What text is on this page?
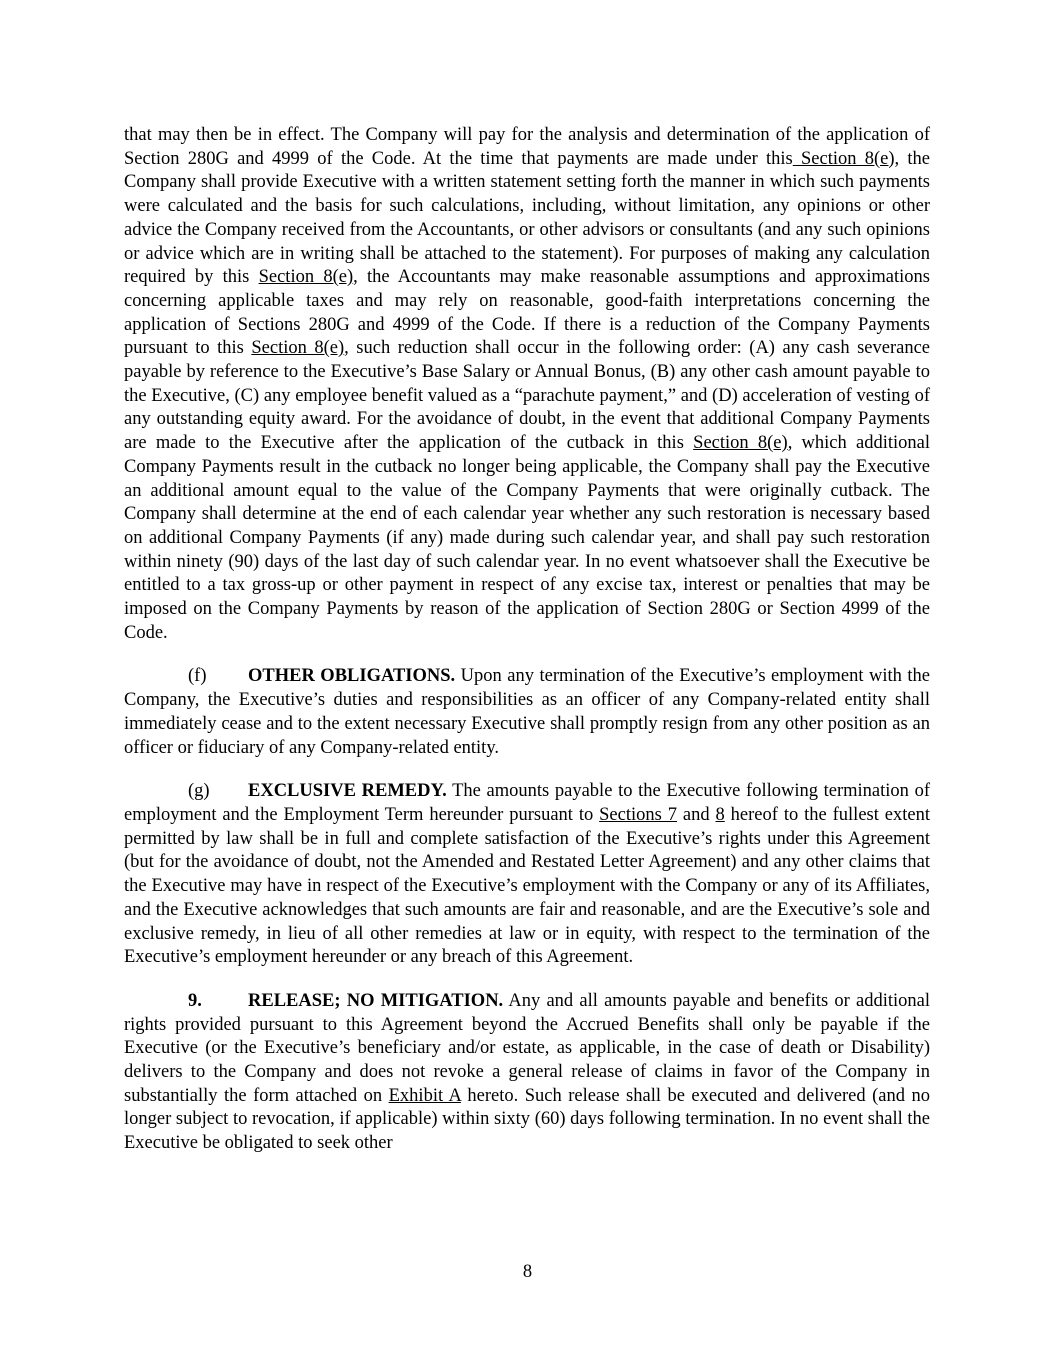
that may then be in effect. The Company will pay for the analysis and determination of the application of Section 280G and 4999 of the Code. At the time that payments are made under this Section 8(e), the Company shall provide Executive with a written statement setting forth the manner in which such payments were calculated and the basis for such calculations, including, without limitation, any opinions or other advice the Company received from the Accountants, or other advisors or consultants (and any such opinions or advice which are in writing shall be attached to the statement). For purposes of making any calculation required by this Section 8(e), the Accountants may make reasonable assumptions and approximations concerning applicable taxes and may rely on reasonable, good-faith interpretations concerning the application of Sections 280G and 4999 of the Code. If there is a reduction of the Company Payments pursuant to this Section 8(e), such reduction shall occur in the following order: (A) any cash severance payable by reference to the Executive’s Base Salary or Annual Bonus, (B) any other cash amount payable to the Executive, (C) any employee benefit valued as a “parachute payment,” and (D) acceleration of vesting of any outstanding equity award. For the avoidance of doubt, in the event that additional Company Payments are made to the Executive after the application of the cutback in this Section 8(e), which additional Company Payments result in the cutback no longer being applicable, the Company shall pay the Executive an additional amount equal to the value of the Company Payments that were originally cutback. The Company shall determine at the end of each calendar year whether any such restoration is necessary based on additional Company Payments (if any) made during such calendar year, and shall pay such restoration within ninety (90) days of the last day of such calendar year. In no event whatsoever shall the Executive be entitled to a tax gross-up or other payment in respect of any excise tax, interest or penalties that may be imposed on the Company Payments by reason of the application of Section 280G or Section 4999 of the Code.

(f) OTHER OBLIGATIONS. Upon any termination of the Executive’s employment with the Company, the Executive’s duties and responsibilities as an officer of any Company-related entity shall immediately cease and to the extent necessary Executive shall promptly resign from any other position as an officer or fiduciary of any Company-related entity.

(g) EXCLUSIVE REMEDY. The amounts payable to the Executive following termination of employment and the Employment Term hereunder pursuant to Sections 7 and 8 hereof to the fullest extent permitted by law shall be in full and complete satisfaction of the Executive’s rights under this Agreement (but for the avoidance of doubt, not the Amended and Restated Letter Agreement) and any other claims that the Executive may have in respect of the Executive’s employment with the Company or any of its Affiliates, and the Executive acknowledges that such amounts are fair and reasonable, and are the Executive’s sole and exclusive remedy, in lieu of all other remedies at law or in equity, with respect to the termination of the Executive’s employment hereunder or any breach of this Agreement.

9. RELEASE; NO MITIGATION. Any and all amounts payable and benefits or additional rights provided pursuant to this Agreement beyond the Accrued Benefits shall only be payable if the Executive (or the Executive’s beneficiary and/or estate, as applicable, in the case of death or Disability) delivers to the Company and does not revoke a general release of claims in favor of the Company in substantially the form attached on Exhibit A hereto. Such release shall be executed and delivered (and no longer subject to revocation, if applicable) within sixty (60) days following termination. In no event shall the Executive be obligated to seek other

8
